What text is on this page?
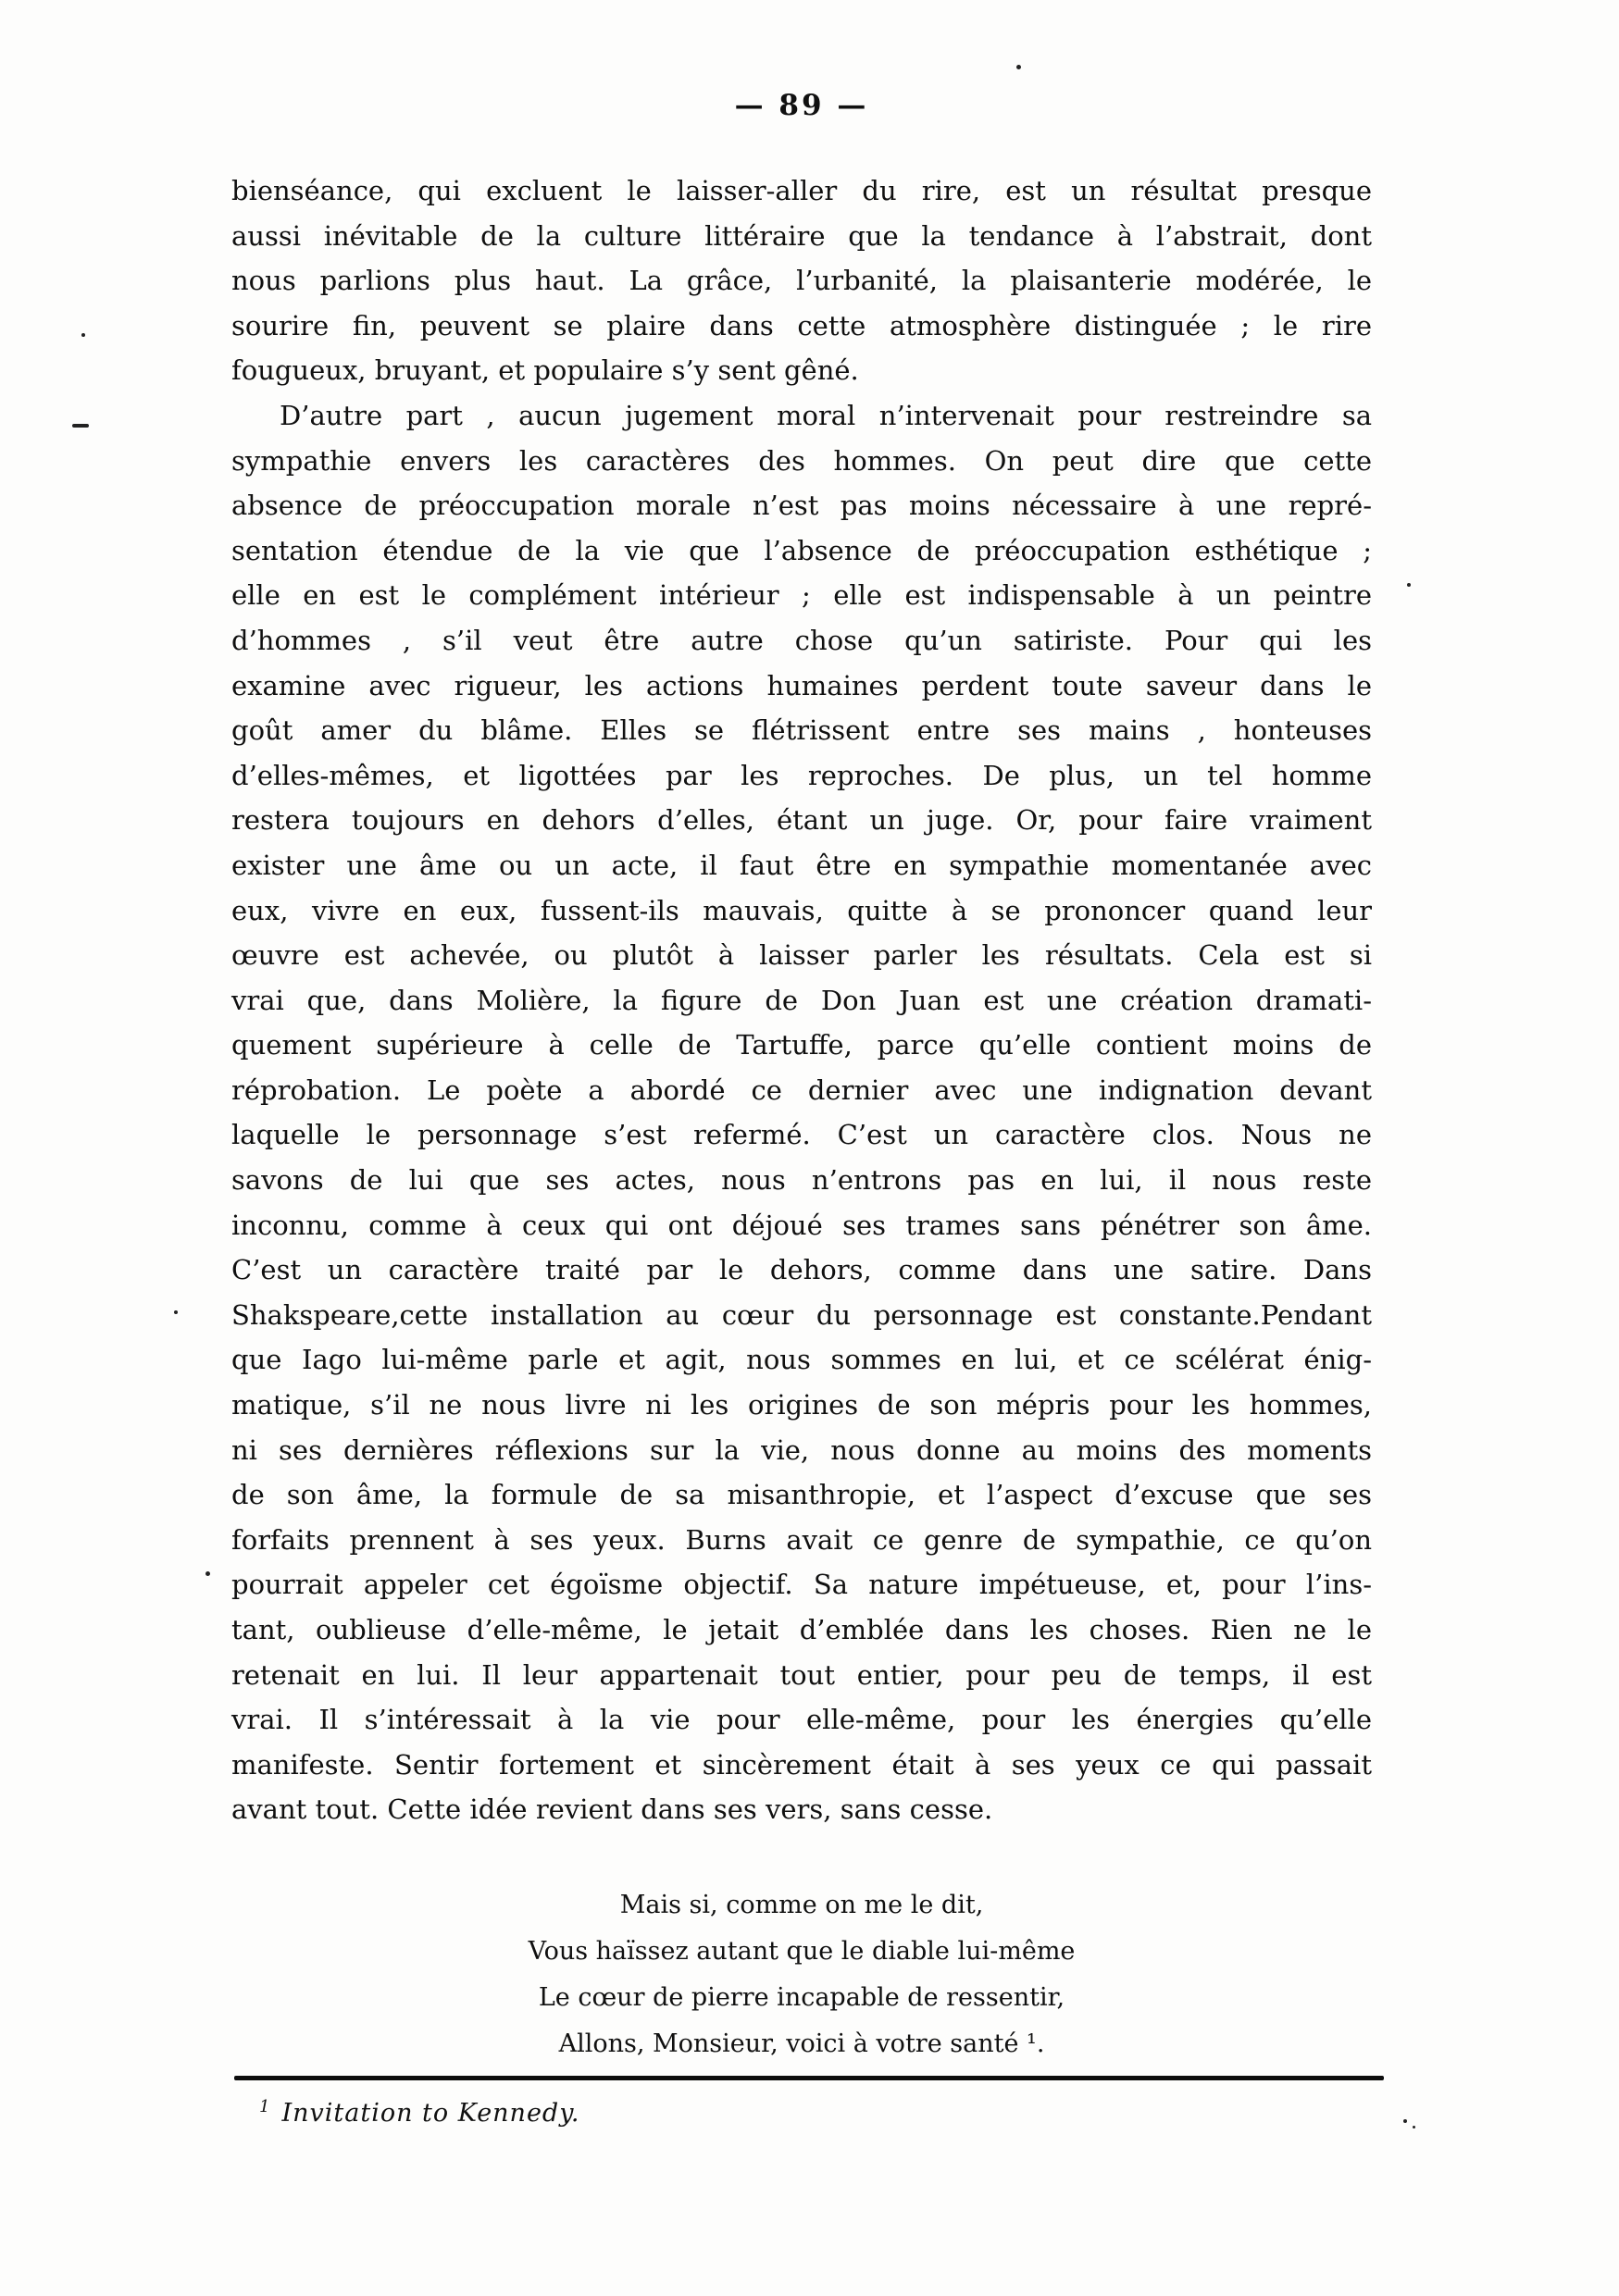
— 89 —
bienséance, qui excluent le laisser-aller du rire, est un résultat presque
aussi inévitable de la culture littéraire que la tendance à l’abstrait, dont
nous parlions plus haut. La grâce, l’urbanité, la plaisanterie modérée, le
sourire fin, peuvent se plaire dans cette atmosphère distinguée ; le rire
fougueux, bruyant, et populaire s’y sent gêné.
D’autre part , aucun jugement moral n’intervenait pour restreindre sa
sympathie envers les caractères des hommes. On peut dire que cette
absence de préoccupation morale n’est pas moins nécessaire à une repré-
sentation étendue de la vie que l’absence de préoccupation esthétique ;
elle en est le complément intérieur ; elle est indispensable à un peintre
d’hommes , s’il veut être autre chose qu’un satiriste. Pour qui les
examine avec rigueur, les actions humaines perdent toute saveur dans le
goût amer du blâme. Elles se flétrissent entre ses mains , honteuses
d’elles-mêmes, et ligottées par les reproches. De plus, un tel homme
restera toujours en dehors d’elles, étant un juge. Or, pour faire vraiment
exister une âme ou un acte, il faut être en sympathie momentanée avec
eux, vivre en eux, fussent-ils mauvais, quitte à se prononcer quand leur
œuvre est achevée, ou plutôt à laisser parler les résultats. Cela est si
vrai que, dans Molière, la figure de Don Juan est une création dramati-
quement supérieure à celle de Tartuffe, parce qu’elle contient moins de
réprobation. Le poète a abordé ce dernier avec une indignation devant
laquelle le personnage s’est refermé. C’est un caractère clos. Nous ne
savons de lui que ses actes, nous n’entrons pas en lui, il nous reste
inconnu, comme à ceux qui ont déjoué ses trames sans pénétrer son âme.
C’est un caractère traité par le dehors, comme dans une satire. Dans
Shakspeare,cette installation au cœur du personnage est constante.Pendant
que Iago lui-même parle et agit, nous sommes en lui, et ce scélérat énig-
matique, s’il ne nous livre ni les origines de son mépris pour les hommes,
ni ses dernières réflexions sur la vie, nous donne au moins des moments
de son âme, la formule de sa misanthropie, et l’aspect d’excuse que ses
forfaits prennent à ses yeux. Burns avait ce genre de sympathie, ce qu’on
pourrait appeler cet égoïsme objectif. Sa nature impétueuse, et, pour l’ins-
tant, oublieuse d’elle-même, le jetait d’emblée dans les choses. Rien ne le
retenait en lui. Il leur appartenait tout entier, pour peu de temps, il est
vrai. Il s’intéressait à la vie pour elle-même, pour les énergies qu’elle
manifeste. Sentir fortement et sincèrement était à ses yeux ce qui passait
avant tout. Cette idée revient dans ses vers, sans cesse.
Mais si, comme on me le dit,
Vous haïssez autant que le diable lui-même
Le cœur de pierre incapable de ressentir,
Allons, Monsieur, voici à votre santé ¹.
$^1$ Invitation to Kennedy.
